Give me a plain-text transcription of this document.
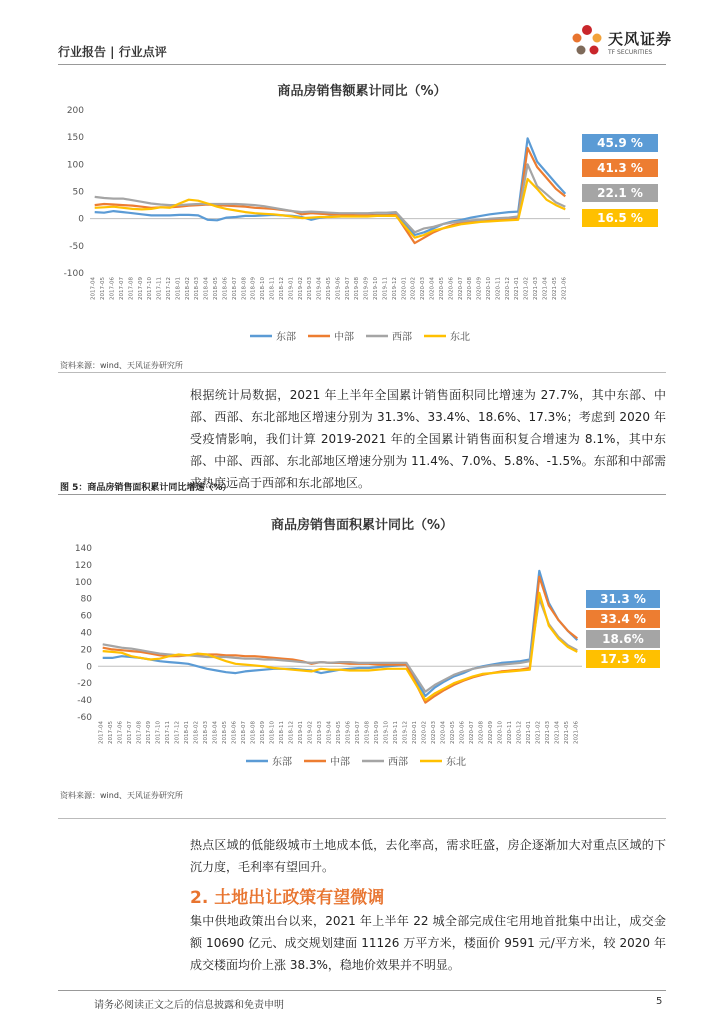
行业报告 | 行业点评
天风证券
TF SECURITIES
商品房销售额累计同比（%）
200
150
100
50
0
-50
-100
2017-04 2017-05 2017-06 2017-07 2017-08 2017-09 2017-10 2017-11 2017-12 2018-01 2018-02 2018-03 2018-04 2018-05 2018-06 2018-07 2018-08 2018-09 2018-10 2018-11 2018-12 2019-01 2019-02 2019-03 2019-04 2019-05 2019-06 2019-07 2019-08 2019-09 2019-10 2019-11 2019-12 2020-01 2020-02 2020-03 2020-04 2020-05 2020-06 2020-07 2020-08 2020-09 2020-10 2020-11 2020-12 2021-01 2021-02 2021-03 2021-04 2021-05 2021-06
45.9 %
41.3 %
22.1 %
16.5 %
东部	中部	西部	东北
资料来源：wind、天风证券研究所
根据统计局数据，2021 年上半年全国累计销售面积同比增速为 27.7%，其中东部、中部、西部、东北部地区增速分别为 31.3%、33.4%、18.6%、17.3%；考虑到 2020 年受疫情影响，我们计算 2019-2021 年的全国累计销售面积复合增速为 8.1%，其中东部、中部、西部、东北部地区增速分别为 11.4%、7.0%、5.8%、-1.5%。东部和中部需求热度远高于西部和东北部地区。
图 5：商品房销售面积累计同比增速（%）
商品房销售面积累计同比（%）
140
120
100
80
60
40
20
0
-20
-40
-60
2017-04 2017-05 2017-06 2017-07 2017-08 2017-09 2017-10 2017-11 2017-12 2018-01 2018-02 2018-03 2018-04 2018-05 2018-06 2018-07 2018-08 2018-09 2018-10 2018-11 2018-12 2019-01 2019-02 2019-03 2019-04 2019-05 2019-06 2019-07 2019-08 2019-09 2019-10 2019-11 2019-12 2020-01 2020-02 2020-03 2020-04 2020-05 2020-06 2020-07 2020-08 2020-09 2020-10 2020-11 2020-12 2021-01 2021-02 2021-03 2021-04 2021-05 2021-06
31.3 %
33.4 %
18.6%
17.3 %
东部	中部	西部	东北
资料来源：wind、天风证券研究所
热点区域的低能级城市土地成本低，去化率高，需求旺盛，房企逐渐加大对重点区域的下沉力度，毛利率有望回升。
2. 土地出让政策有望微调
集中供地政策出台以来，2021 年上半年 22 城全部完成住宅用地首批集中出让，成交金额 10690 亿元、成交规划建面 11126 万平方米，楼面价 9591 元/平方米，较 2020 年成交楼面均价上涨 38.3%，稳地价效果并不明显。
请务必阅读正文之后的信息披露和免责申明	5
